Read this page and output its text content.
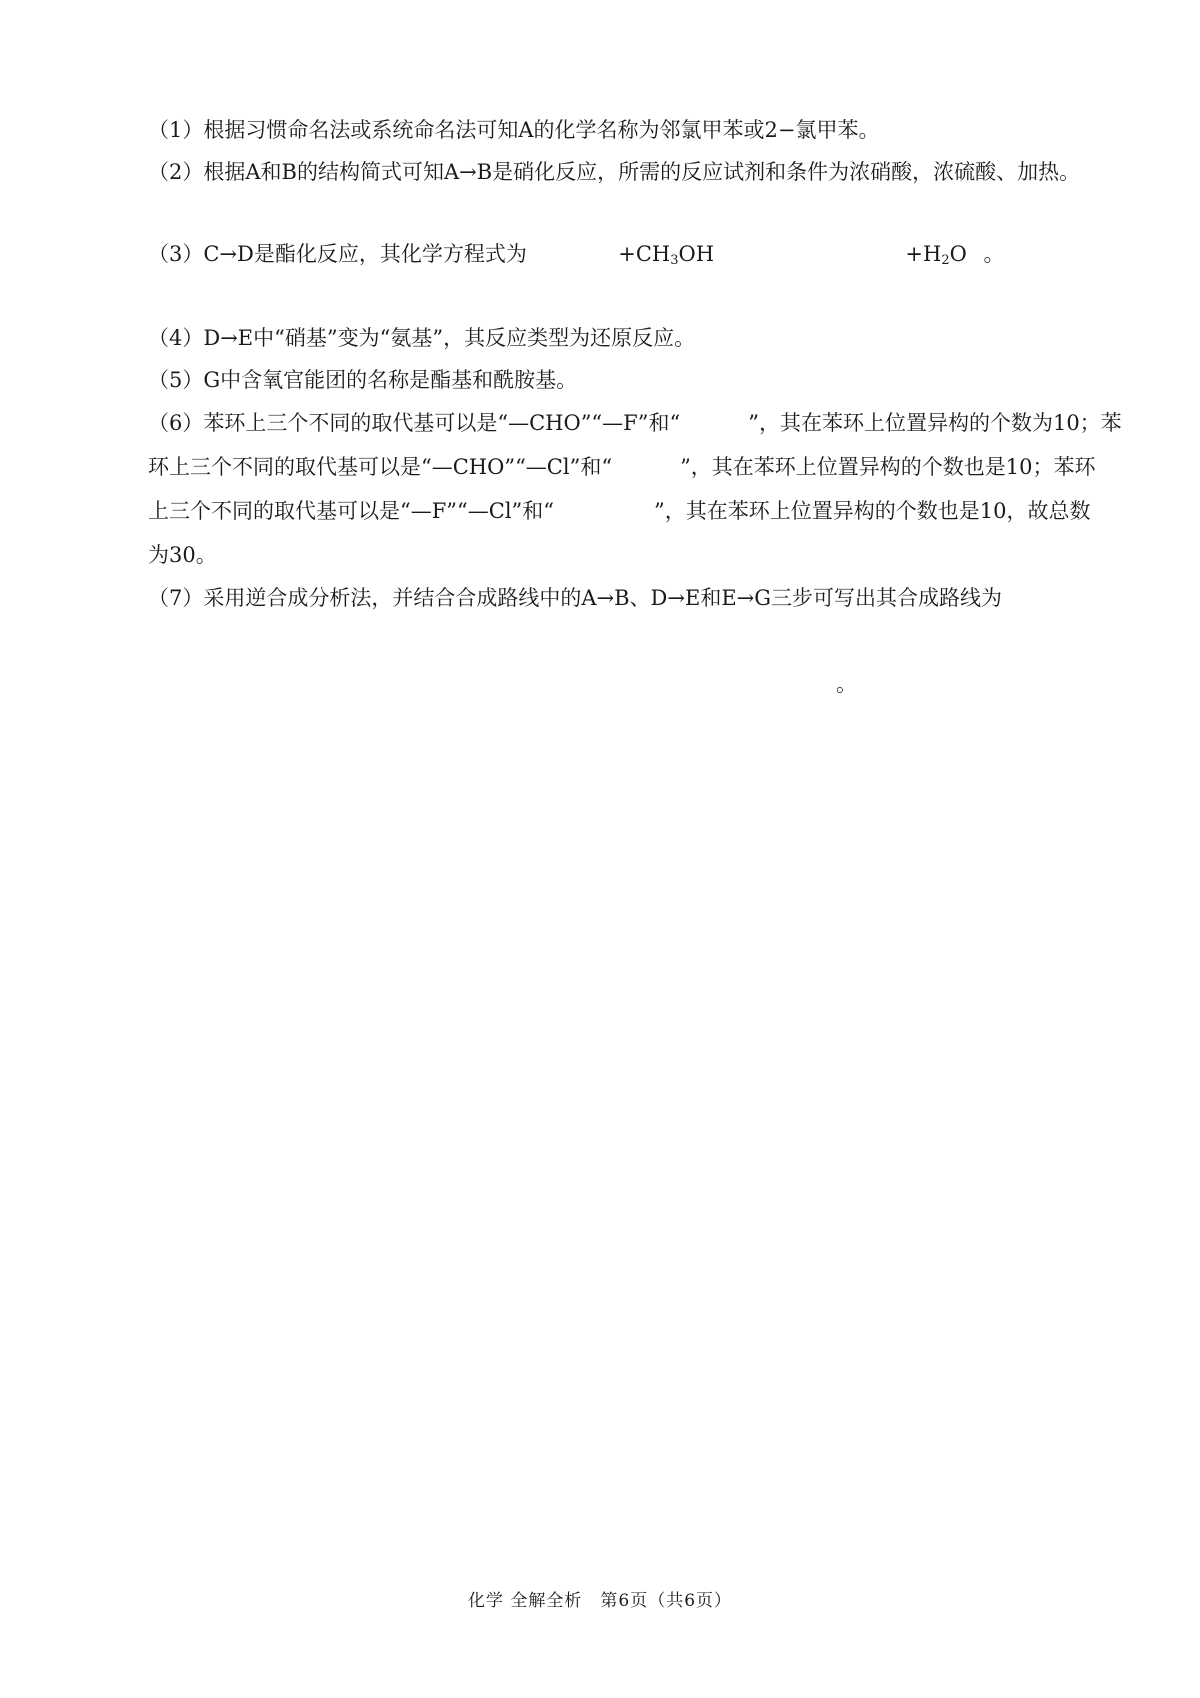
（1）根据习惯命名法或系统命名法可知A的化学名称为邻氯甲苯或2−氯甲苯。
（2）根据A和B的结构简式可知A→B是硝化反应，所需的反应试剂和条件为浓硝酸，浓硫酸、加热。
（3）C→D是酯化反应，其化学方程式为	$+CH_3OH$	$+H_2O$ 。
（4）D→E中“硝基”变为“氨基”，其反应类型为还原反应。
（5）G中含氧官能团的名称是酯基和酰胺基。
（6）苯环上三个不同的取代基可以是“—CHO”“—F”和“	”，其在苯环上位置异构的个数为10；苯
环上三个不同的取代基可以是“—CHO”“—Cl”和“	”，其在苯环上位置异构的个数也是10；苯环
上三个不同的取代基可以是“—F”“—Cl”和“	”，其在苯环上位置异构的个数也是10，故总数
为30。
（7）采用逆合成分析法，并结合合成路线中的A→B、D→E和E→G三步可写出其合成路线为
。
化学 全解全析　第6页（共6页）
